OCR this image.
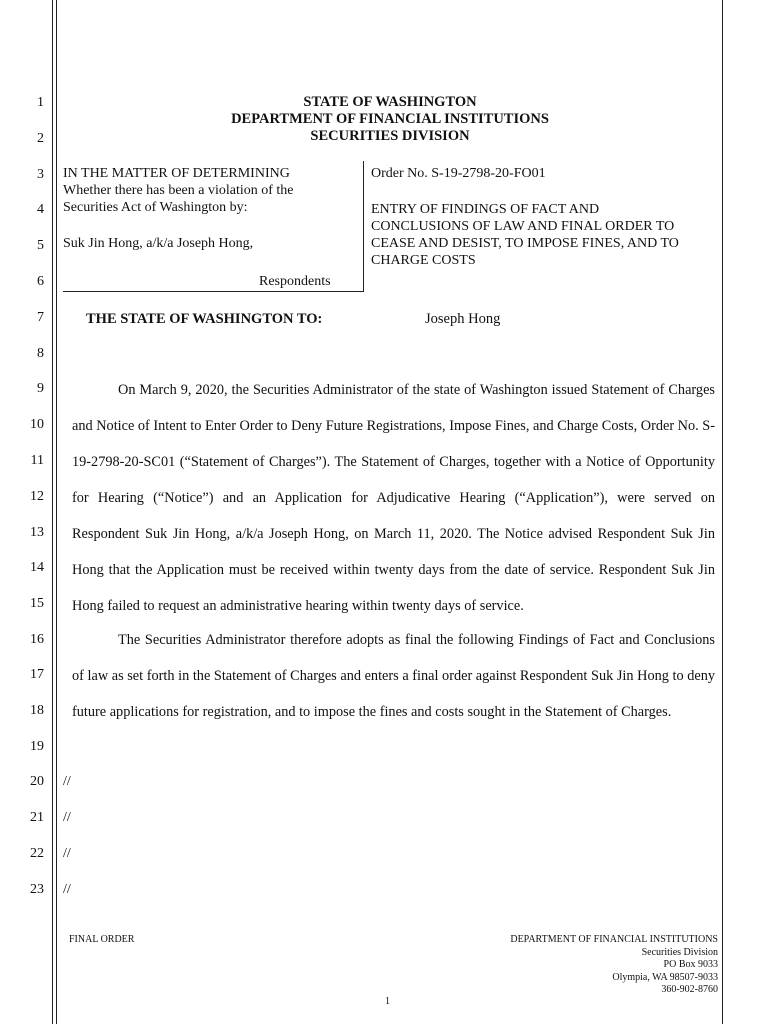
1
2
3
4
5
6
7
8
9
10
11
12
13
14
15
16
17
18
19
20
21
22
23
STATE OF WASHINGTON
DEPARTMENT OF FINANCIAL INSTITUTIONS
SECURITIES DIVISION
IN THE MATTER OF DETERMINING
Whether there has been a violation of the
Securities Act of Washington by:
Suk Jin Hong, a/k/a Joseph Hong,
Respondents
Order No. S-19-2798-20-FO01
ENTRY OF FINDINGS OF FACT AND
CONCLUSIONS OF LAW AND FINAL ORDER TO
CEASE AND DESIST, TO IMPOSE FINES, AND TO
CHARGE COSTS
THE STATE OF WASHINGTON TO:	Joseph Hong
On March 9, 2020, the Securities Administrator of the state of Washington issued Statement of Charges and Notice of Intent to Enter Order to Deny Future Registrations, Impose Fines, and Charge Costs, Order No. S-19-2798-20-SC01 (“Statement of Charges”). The Statement of Charges, together with a Notice of Opportunity for Hearing (“Notice”) and an Application for Adjudicative Hearing (“Application”), were served on Respondent Suk Jin Hong, a/k/a Joseph Hong, on March 11, 2020. The Notice advised Respondent Suk Jin Hong that the Application must be received within twenty days from the date of service. Respondent Suk Jin Hong failed to request an administrative hearing within twenty days of service.
The Securities Administrator therefore adopts as final the following Findings of Fact and Conclusions of law as set forth in the Statement of Charges and enters a final order against Respondent Suk Jin Hong to deny future applications for registration, and to impose the fines and costs sought in the Statement of Charges.
//
//
//
//
FINAL ORDER	DEPARTMENT OF FINANCIAL INSTITUTIONS
Securities Division
PO Box 9033
Olympia, WA 98507-9033
360-902-8760
1
